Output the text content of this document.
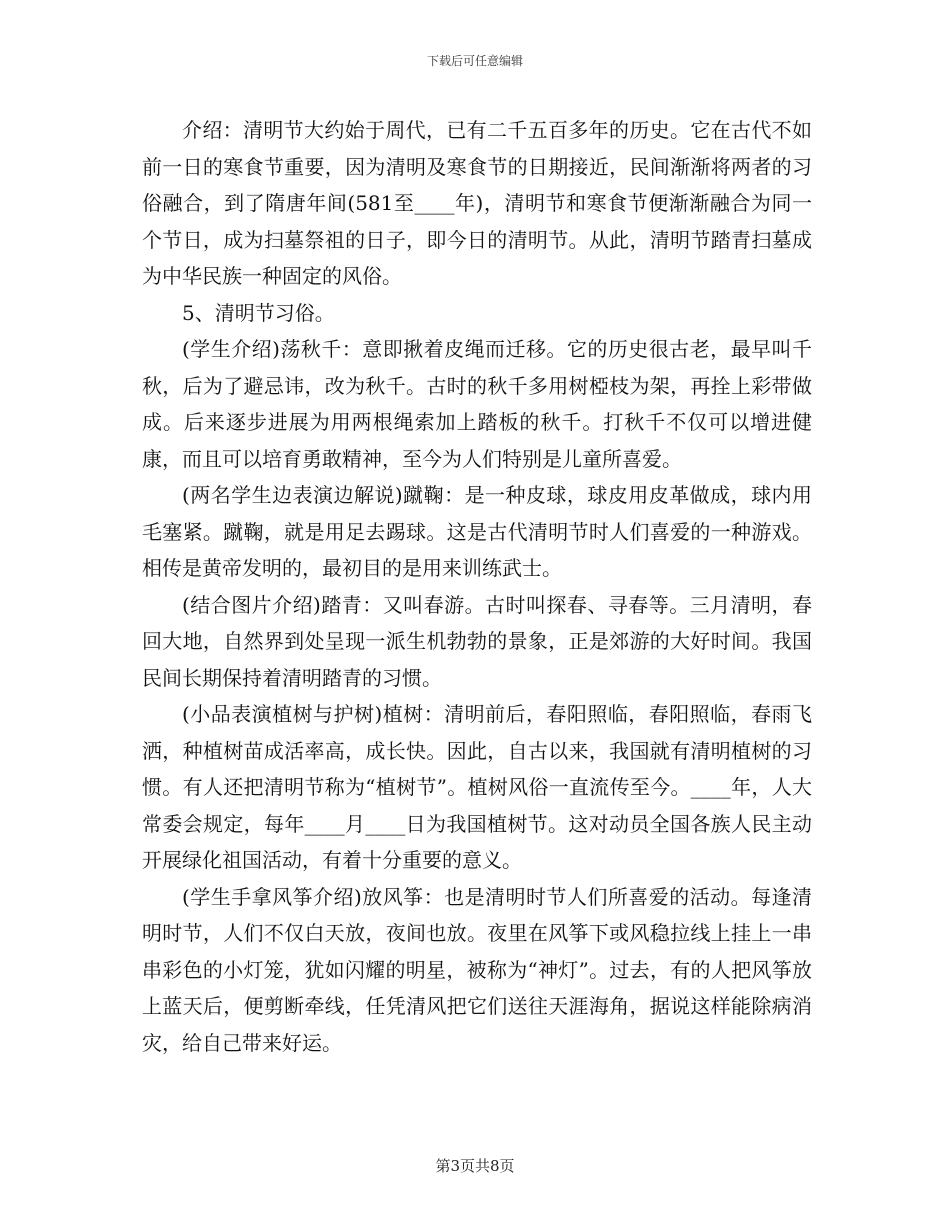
下载后可任意编辑

介绍：清明节大约始于周代，已有二千五百多年的历史。它在古代不如前一日的寒食节重要，因为清明及寒食节的日期接近，民间渐渐将两者的习俗融合，到了隋唐年间(581至____年)，清明节和寒食节便渐渐融合为同一个节日，成为扫墓祭祖的日子，即今日的清明节。从此，清明节踏青扫墓成为中华民族一种固定的风俗。

5、清明节习俗。

(学生介绍)荡秋千：意即揪着皮绳而迁移。它的历史很古老，最早叫千秋，后为了避忌讳，改为秋千。古时的秋千多用树椏枝为架，再拴上彩带做成。后来逐步进展为用两根绳索加上踏板的秋千。打秋千不仅可以增进健康，而且可以培育勇敢精神，至今为人们特别是儿童所喜爱。

(两名学生边表演边解说)蹴鞠：是一种皮球，球皮用皮革做成，球内用毛塞紧。蹴鞠，就是用足去踢球。这是古代清明节时人们喜爱的一种游戏。相传是黄帝发明的，最初目的是用来训练武士。

(结合图片介绍)踏青：又叫春游。古时叫探春、寻春等。三月清明，春回大地，自然界到处呈现一派生机勃勃的景象，正是郊游的大好时间。我国民间长期保持着清明踏青的习惯。

(小品表演植树与护树)植树：清明前后，春阳照临，春阳照临，春雨飞洒，种植树苗成活率高，成长快。因此，自古以来，我国就有清明植树的习惯。有人还把清明节称为“植树节”。植树风俗一直流传至今。____年，人大常委会规定，每年____月____日为我国植树节。这对动员全国各族人民主动开展绿化祖国活动，有着十分重要的意义。

(学生手拿风筝介绍)放风筝：也是清明时节人们所喜爱的活动。每逢清明时节，人们不仅白天放，夜间也放。夜里在风筝下或风稳拉线上挂上一串串彩色的小灯笼，犹如闪耀的明星，被称为“神灯”。过去，有的人把风筝放上蓝天后，便剪断牵线，任凭清风把它们送往天涯海角，据说这样能除病消灾，给自己带来好运。

第3页共8页
